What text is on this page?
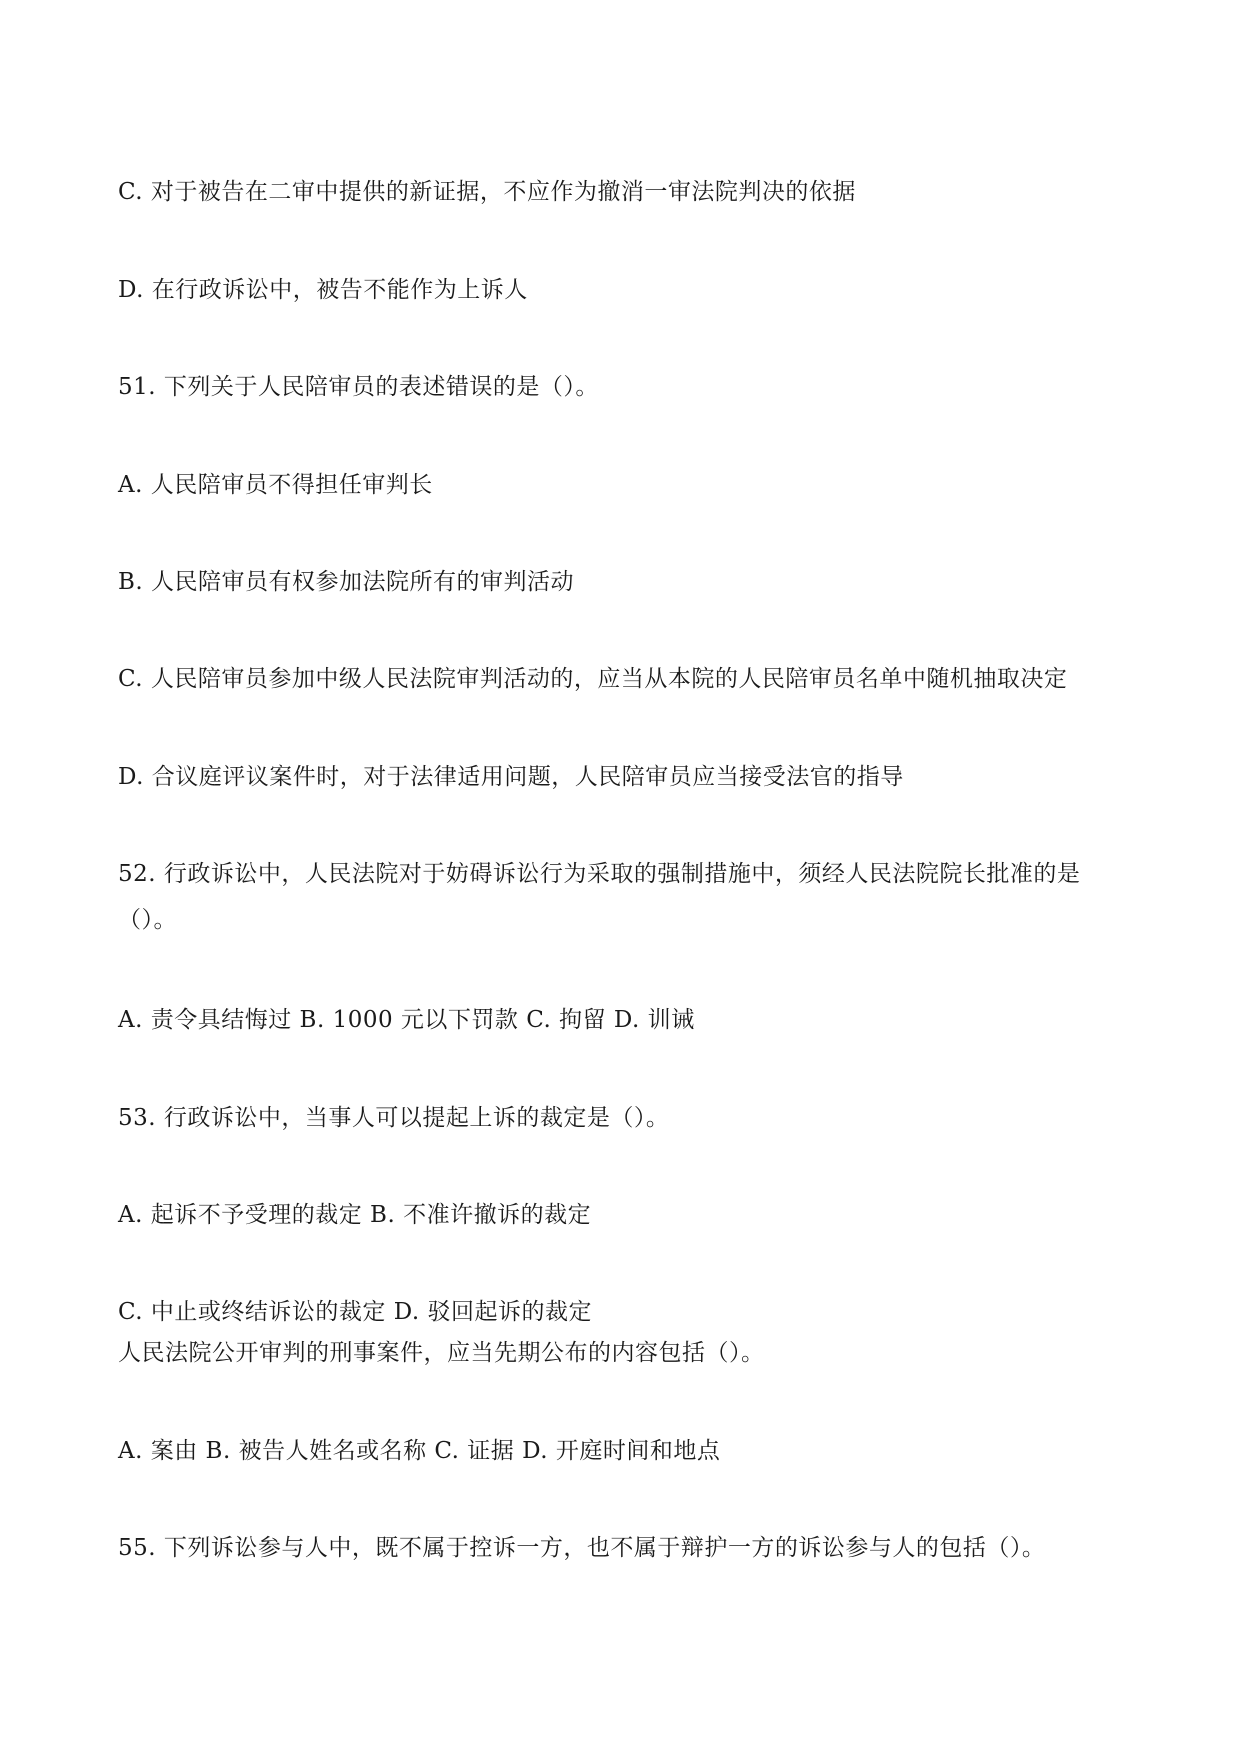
C. 对于被告在二审中提供的新证据，不应作为撤消一审法院判决的依据

D. 在行政诉讼中，被告不能作为上诉人

51. 下列关于人民陪审员的表述错误的是（）。

A. 人民陪审员不得担任审判长

B. 人民陪审员有权参加法院所有的审判活动

C. 人民陪审员参加中级人民法院审判活动的，应当从本院的人民陪审员名单中随机抽取决定

D. 合议庭评议案件时，对于法律适用问题，人民陪审员应当接受法官的指导

52. 行政诉讼中，人民法院对于妨碍诉讼行为采取的强制措施中，须经人民法院院长批准的是（）。

A. 责令具结悔过 B. 1000 元以下罚款 C. 拘留 D. 训诫

53. 行政诉讼中，当事人可以提起上诉的裁定是（）。

A. 起诉不予受理的裁定 B. 不准许撤诉的裁定

C. 中止或终结诉讼的裁定 D. 驳回起诉的裁定

人民法院公开审判的刑事案件，应当先期公布的内容包括（）。

A. 案由 B. 被告人姓名或名称 C. 证据 D. 开庭时间和地点

55. 下列诉讼参与人中，既不属于控诉一方，也不属于辩护一方的诉讼参与人的包括（）。
